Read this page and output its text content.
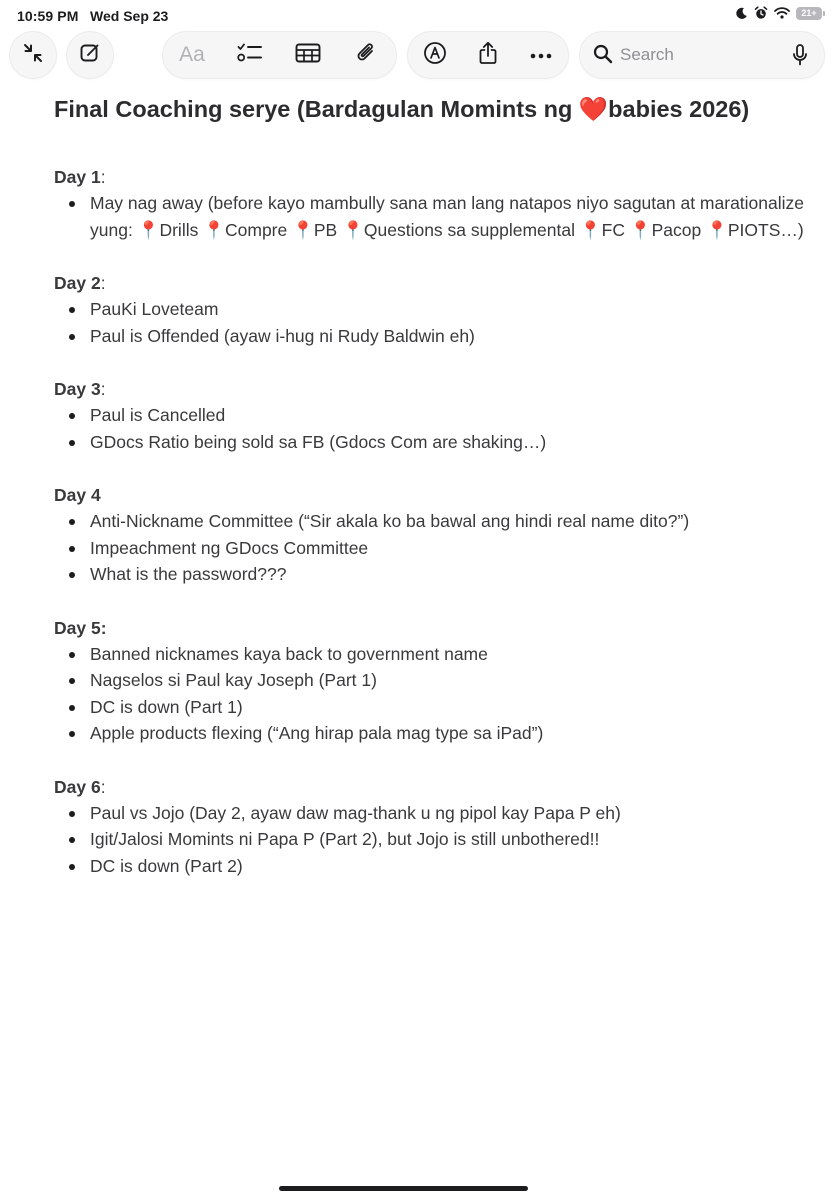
10:59 PM Wed Sep 23	21+
Aa
Search
Final Coaching serye (Bardagulan Momints ng ❤️babies 2026)
Day 1:
May nag away (before kayo mambully sana man lang natapos niyo sagutan at marationalize yung: 📍Drills 📍Compre 📍PB 📍Questions sa supplemental 📍FC 📍Pacop 📍PIOTS…)
Day 2:
PauKi Loveteam
Paul is Offended (ayaw i-hug ni Rudy Baldwin eh)
Day 3:
Paul is Cancelled
GDocs Ratio being sold sa FB (Gdocs Com are shaking…)
Day 4
Anti-Nickname Committee (“Sir akala ko ba bawal ang hindi real name dito?”)
Impeachment ng GDocs Committee
What is the password???
Day 5:
Banned nicknames kaya back to government name
Nagselos si Paul kay Joseph (Part 1)
DC is down (Part 1)
Apple products flexing (“Ang hirap pala mag type sa iPad”)
Day 6:
Paul vs Jojo (Day 2, ayaw daw mag-thank u ng pipol kay Papa P eh)
Igit/Jalosi Momints ni Papa P (Part 2), but Jojo is still unbothered!!
DC is down (Part 2)
